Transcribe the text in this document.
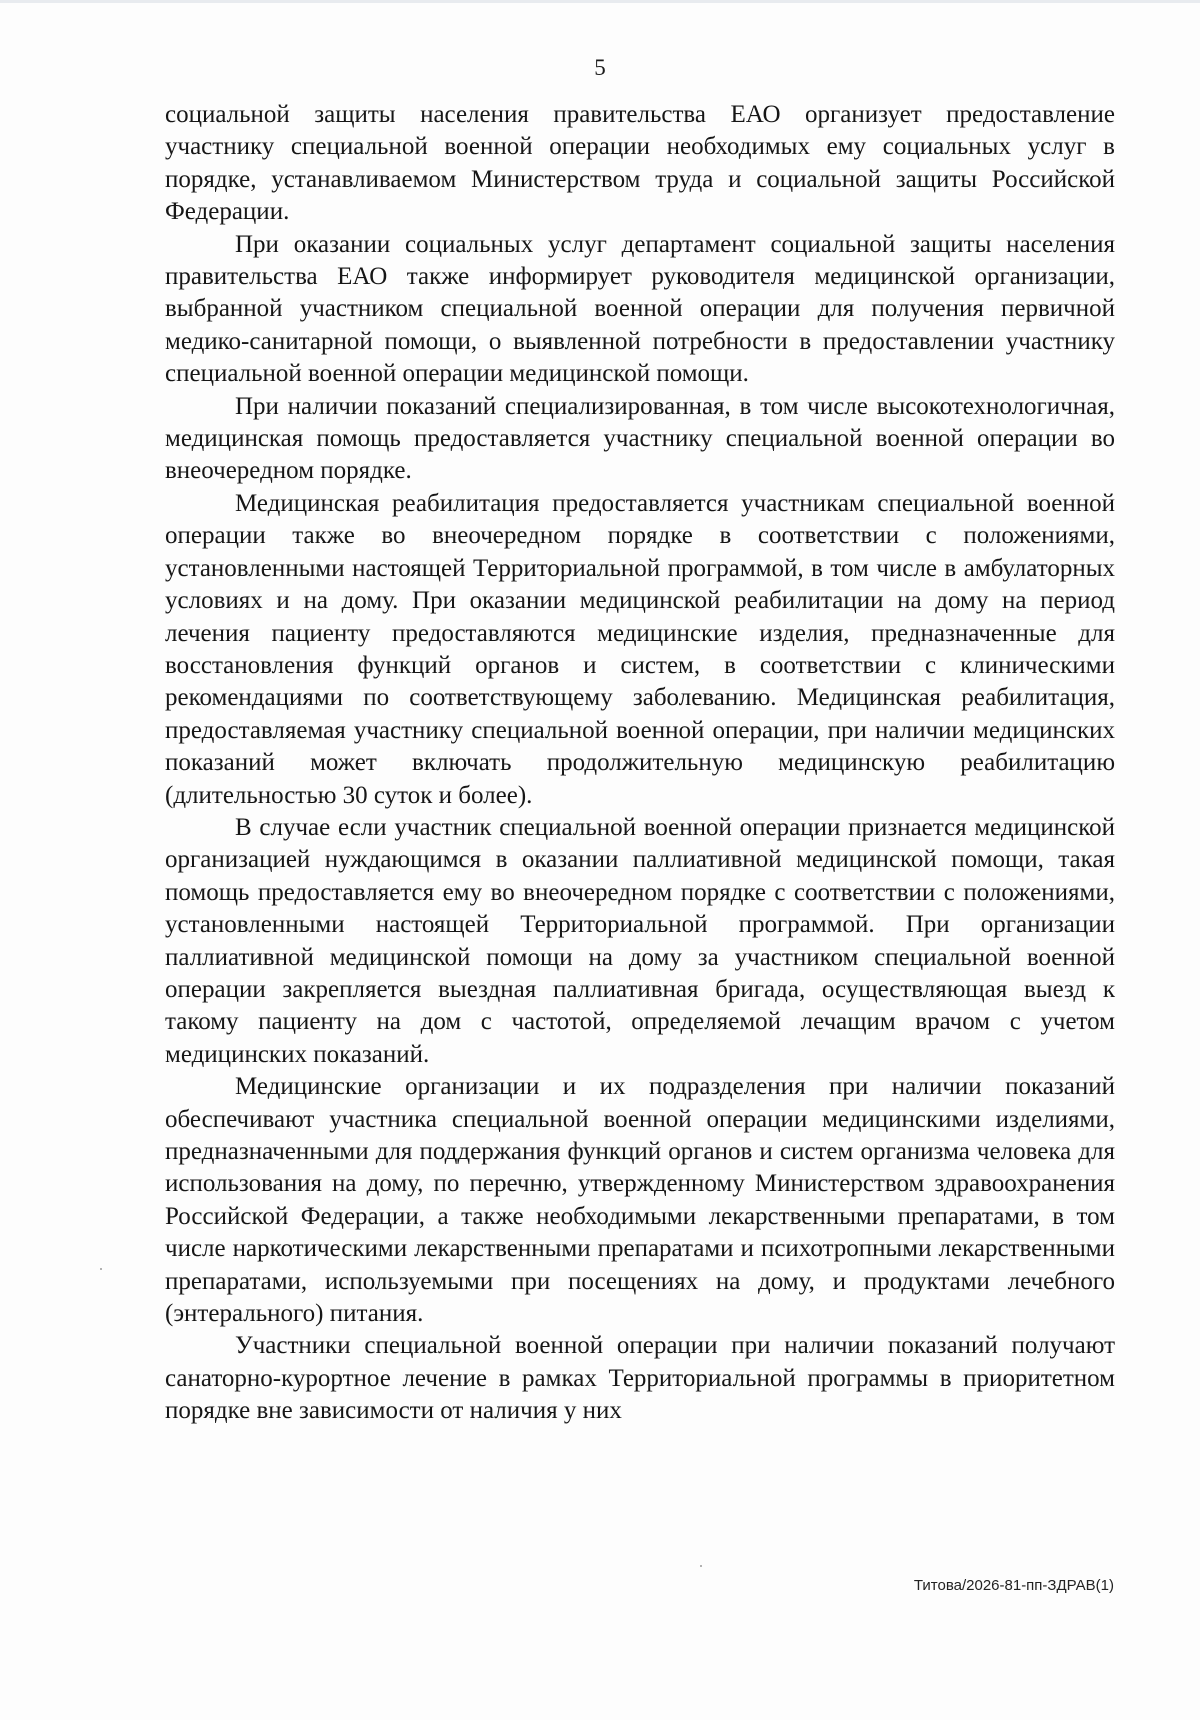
5

социальной защиты населения правительства ЕАО организует предоставление участнику специальной военной операции необходимых ему социальных услуг в порядке, устанавливаемом Министерством труда и социальной защиты Российской Федерации.

При оказании социальных услуг департамент социальной защиты населения правительства ЕАО также информирует руководителя медицинской организации, выбранной участником специальной военной операции для получения первичной медико-санитарной помощи, о выявленной потребности в предоставлении участнику специальной военной операции медицинской помощи.

При наличии показаний специализированная, в том числе высокотехнологичная, медицинская помощь предоставляется участнику специальной военной операции во внеочередном порядке.

Медицинская реабилитация предоставляется участникам специальной военной операции также во внеочередном порядке в соответствии с положениями, установленными настоящей Территориальной программой, в том числе в амбулаторных условиях и на дому. При оказании медицинской реабилитации на дому на период лечения пациенту предоставляются медицинские изделия, предназначенные для восстановления функций органов и систем, в соответствии с клиническими рекомендациями по соответствующему заболеванию. Медицинская реабилитация, предоставляемая участнику специальной военной операции, при наличии медицинских показаний может включать продолжительную медицинскую реабилитацию (длительностью 30 суток и более).

В случае если участник специальной военной операции признается медицинской организацией нуждающимся в оказании паллиативной медицинской помощи, такая помощь предоставляется ему во внеочередном порядке с соответствии с положениями, установленными настоящей Территориальной программой. При организации паллиативной медицинской помощи на дому за участником специальной военной операции закрепляется выездная паллиативная бригада, осуществляющая выезд к такому пациенту на дом с частотой, определяемой лечащим врачом с учетом медицинских показаний.

Медицинские организации и их подразделения при наличии показаний обеспечивают участника специальной военной операции медицинскими изделиями, предназначенными для поддержания функций органов и систем организма человека для использования на дому, по перечню, утвержденному Министерством здравоохранения Российской Федерации, а также необходимыми лекарственными препаратами, в том числе наркотическими лекарственными препаратами и психотропными лекарственными препаратами, используемыми при посещениях на дому, и продуктами лечебного (энтерального) питания.

Участники специальной военной операции при наличии показаний получают санаторно-курортное лечение в рамках Территориальной программы в приоритетном порядке вне зависимости от наличия у них

Титова/2026-81-пп-ЗДРАВ(1)
